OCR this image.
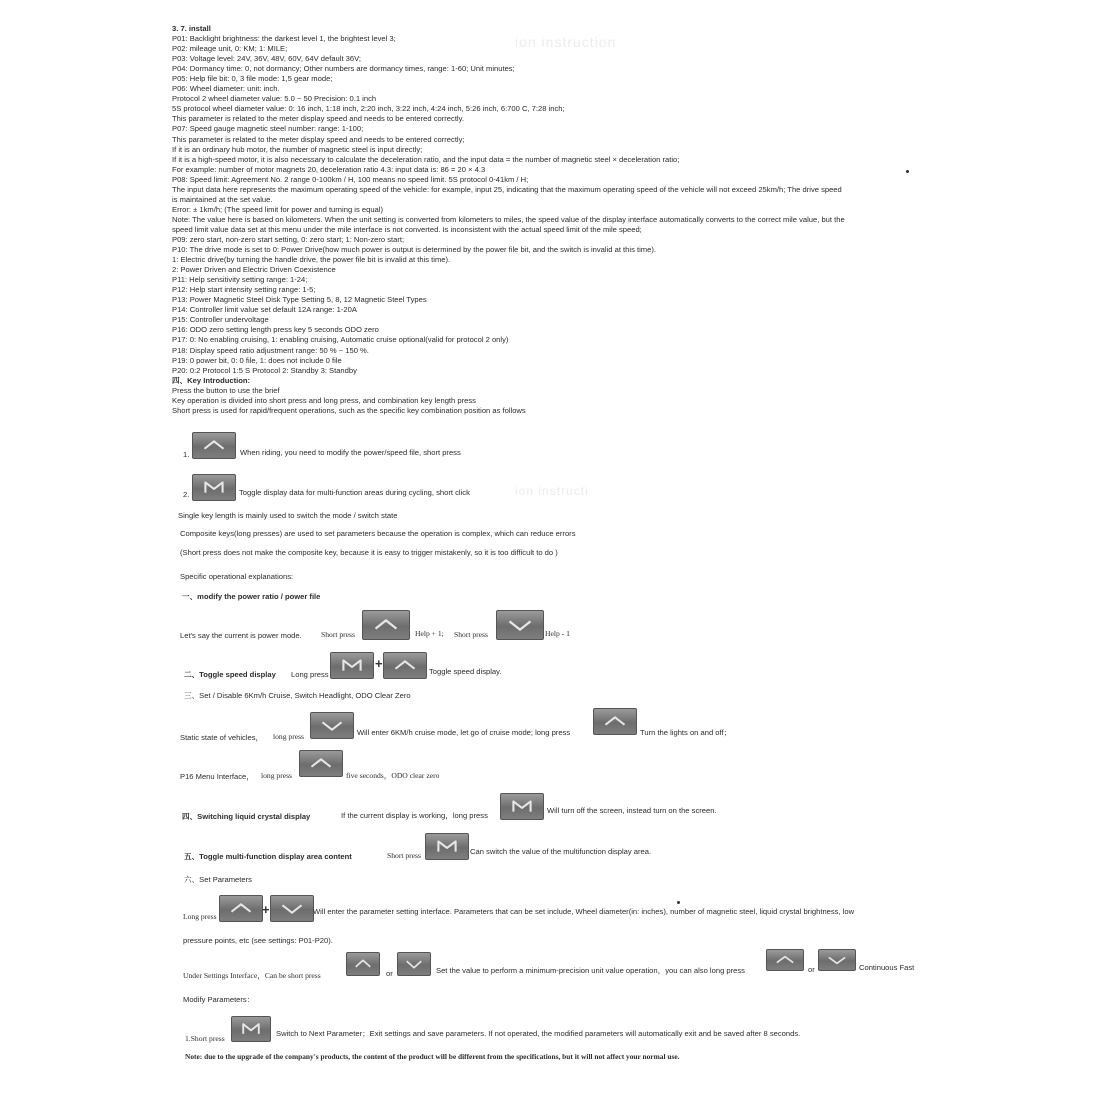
ion instruction
ion instructi
3. 7. install
P01: Backlight brightness: the darkest level 1, the brightest level 3;
P02: mileage unit, 0: KM; 1: MILE;
P03: Voltage level: 24V, 36V, 48V, 60V, 64V default 36V;
P04: Dormancy time: 0, not dormancy; Other numbers are dormancy times, range: 1-60; Unit minutes;
P05: Help file bit: 0, 3 file mode: 1,5 gear mode;
P06: Wheel diameter: unit: inch.
Protocol 2 wheel diameter value: 5.0 ~ 50 Precision: 0.1 inch
5S protocol wheel diameter value: 0: 16 inch, 1:18 inch, 2:20 inch, 3:22 inch, 4:24 inch, 5:26 inch, 6:700 C, 7:28 inch;
This parameter is related to the meter display speed and needs to be entered correctly.
P07: Speed gauge magnetic steel number: range: 1-100;
This parameter is related to the meter display speed and needs to be entered correctly;
If it is an ordinary hub motor, the number of magnetic steel is input directly;
If it is a high-speed motor, it is also necessary to calculate the deceleration ratio, and the input data = the number of magnetic steel × deceleration ratio;
For example: number of motor magnets 20, deceleration ratio 4.3: input data is: 86 = 20 × 4.3
P08: Speed limit: Agreement No. 2 range 0-100km / H, 100 means no speed limit. 5S protocol 0-41km / H;
The input data here represents the maximum operating speed of the vehicle: for example, input 25, indicating that the maximum operating speed of the vehicle will not exceed 25km/h; The drive speed
is maintained at the set value.
Error: ± 1km/h; (The speed limit for power and turning is equal)
Note: The value here is based on kilometers. When the unit setting is converted from kilometers to miles, the speed value of the display interface automatically converts to the correct mile value, but the
speed limit value data set at this menu under the mile interface is not converted. Is inconsistent with the actual speed limit of the mile speed;
P09: zero start, non-zero start setting, 0: zero start; 1: Non-zero start;
P10: The drive mode is set to 0: Power Drive(how much power is output is determined by the power file bit, and the switch is invalid at this time).
1: Electric drive(by turning the handle drive, the power file bit is invalid at this time).
2: Power Driven and Electric Driven Coexistence
P11: Help sensitivity setting range: 1-24;
P12: Help start intensity setting range: 1-5;
P13: Power Magnetic Steel Disk Type Setting 5, 8, 12 Magnetic Steel Types
P14: Controller limit value set default 12A range: 1-20A
P15: Controller undervoltage
P16: ODO zero setting length press key 5 seconds ODO zero
P17: 0: No enabling cruising, 1: enabling cruising, Automatic cruise optional(valid for protocol 2 only)
P18: Display speed ratio adjustment range: 50 % ~ 150 %.
P19: 0 power bit, 0: 0 file, 1: does not include 0 file
P20: 0:2 Protocol 1:5 S Protocol 2: Standby 3: Standby
四、Key Introduction:
Press the button to use the brief
Key operation is divided into short press and long press, and combination key length press
Short press is used for rapid/frequent operations, such as the specific key combination position as follows
1.	When riding, you need to modify the power/speed file, short press
2.	Toggle display data for multi-function areas during cycling, short click
Single key length is mainly used to switch the mode / switch state
Composite keys(long presses) are used to set parameters because the operation is complex, which can reduce errors
(Short press does not make the composite key, because it is easy to trigger mistakenly, so it is too difficult to do )
Specific operational explanations:
一、modify the power ratio / power file
Let's say the current is power mode.	Short press	Help + 1; Short press	Help - 1
二、Toggle speed display Long press
+
Toggle speed display.
三、Set / Disable 6Km/h Cruise, Switch Headlight, ODO Clear Zero
Static state of vehicles， long press	Will enter 6KM/h cruise mode, let go of cruise mode; long press	Turn the lights on and off；
P16 Menu Interface， long press	five seconds，ODO clear zero
四、Switching liquid crystal display	If the current display is working，long press
Will turn off the screen, instead turn on the screen.
五、Toggle multi-function display area content	Short press	Can switch the value of the multifunction display area.
六、Set Parameters
Long press	+	Will enter the parameter setting interface. Parameters that can be set include, Wheel diameter(in: inches), number of magnetic steel, liquid crystal brightness, low
pressure points, etc (see settings: P01-P20).
Under Settings Interface，Can be short press	or	Set the value to perform a minimum-precision unit value operation，you can also long press	or	Continuous Fast
Modify Parameters：
1.Short press
Switch to Next Parameter；Exit settings and save parameters. If not operated, the modified parameters will automatically exit and be saved after 8 seconds.
Note: due to the upgrade of the company's products, the content of the product will be different from the specifications, but it will not affect your normal use.
